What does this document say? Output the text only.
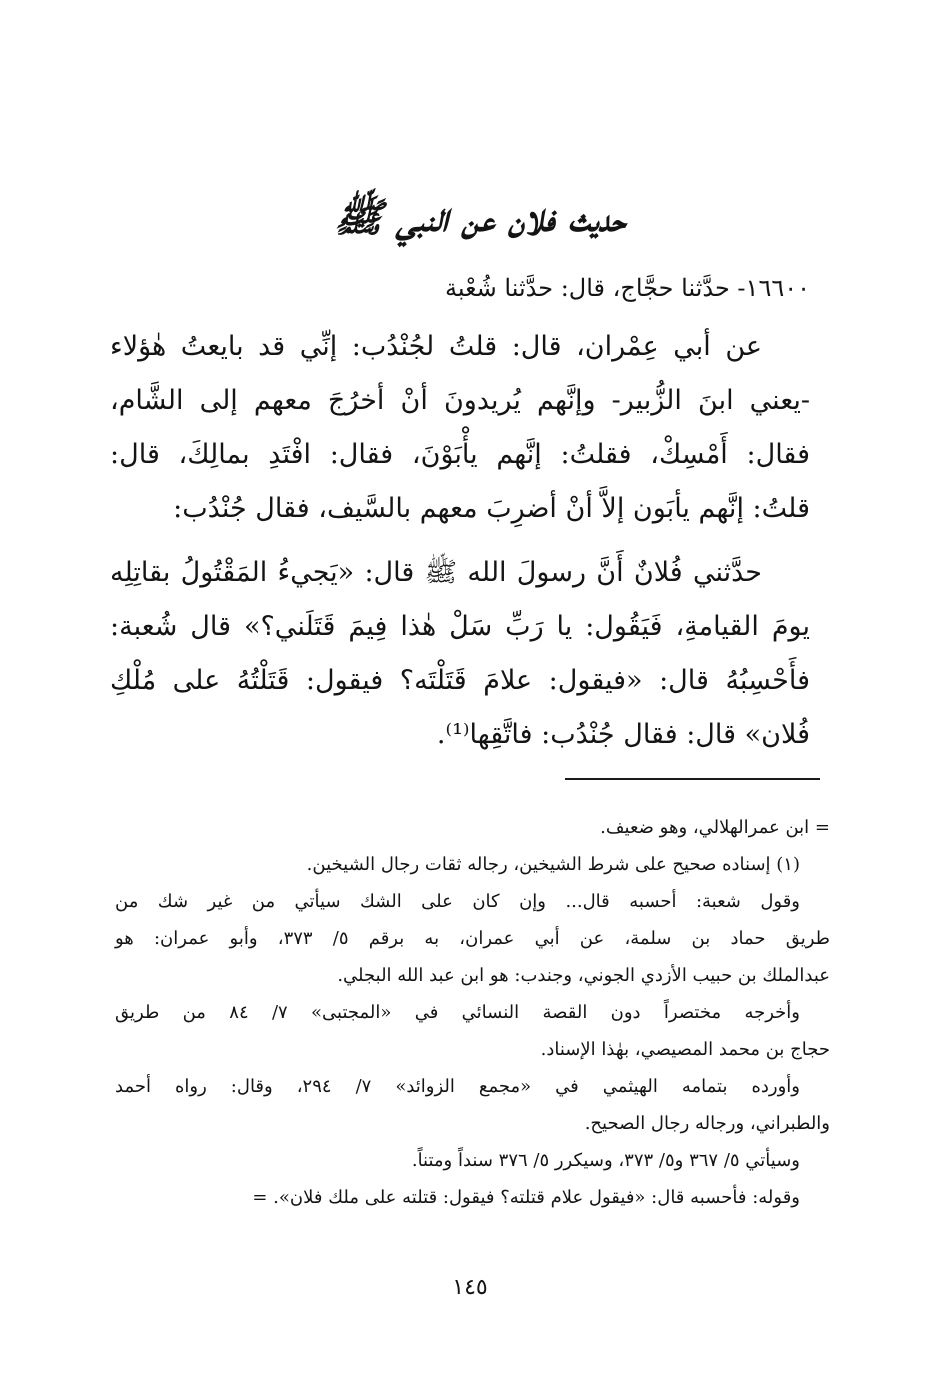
حديث فلان عن النبي ﷺ

١٦٦٠٠- حدَّثنا حجَّاج، قال: حدَّثنا شُعْبة

عن أبي عِمْران، قال: قلتُ لجُنْدُب: إنِّي قد بايعتُ هٰؤلاء
-يعني ابنَ الزُّبير- وإنَّهم يُريدونَ أنْ أخرُجَ معهم إلى الشَّام،
فقال: أَمْسِكْ، فقلتُ: إنَّهم يأْبَوْنَ، فقال: افْتَدِ بمالِكَ، قال:
قلتُ: إنَّهم يأبَون إلاَّ أنْ أضرِبَ معهم بالسَّيف، فقال جُنْدُب:

حدَّثني فُلانٌ أَنَّ رسولَ الله ﷺ قال: «يَجيءُ المَقْتُولُ بقاتِلِه
يومَ القيامةِ، فَيَقُول: يا رَبِّ سَلْ هٰذا فِيمَ قَتَلَني؟» قال شُعبة:
فأَحْسِبُهُ قال: «فيقول: علامَ قَتَلْتَه؟ فيقول: قَتَلْتُهُ على مُلْكِ
فُلان» قال: فقال جُنْدُب: فاتَّقِها⁽¹⁾.

= ابن عمرالهلالي، وهو ضعيف.
(١) إسناده صحيح على شرط الشيخين، رجاله ثقات رجال الشيخين.
وقول شعبة: أحسبه قال... وإن كان على الشك سيأتي من غير شك من
طريق حماد بن سلمة، عن أبي عمران، به برقم ٥/ ٣٧٣، وأبو عمران: هو
عبدالملك بن حبيب الأزدي الجوني، وجندب: هو ابن عبد الله البجلي.
وأخرجه مختصراً دون القصة النسائي في «المجتبى» ٧/ ٨٤ من طريق
حجاج بن محمد المصيصي، بهٰذا الإسناد.
وأورده بتمامه الهيثمي في «مجمع الزوائد» ٧/ ٢٩٤، وقال: رواه أحمد
والطبراني، ورجاله رجال الصحيح.
وسيأتي ٥/ ٣٦٧ و٥/ ٣٧٣، وسيكرر ٥/ ٣٧٦ سنداً ومتناً.
وقوله: فأحسبه قال: «فيقول علام قتلته؟ فيقول: قتلته على ملك فلان». =

١٤٥
